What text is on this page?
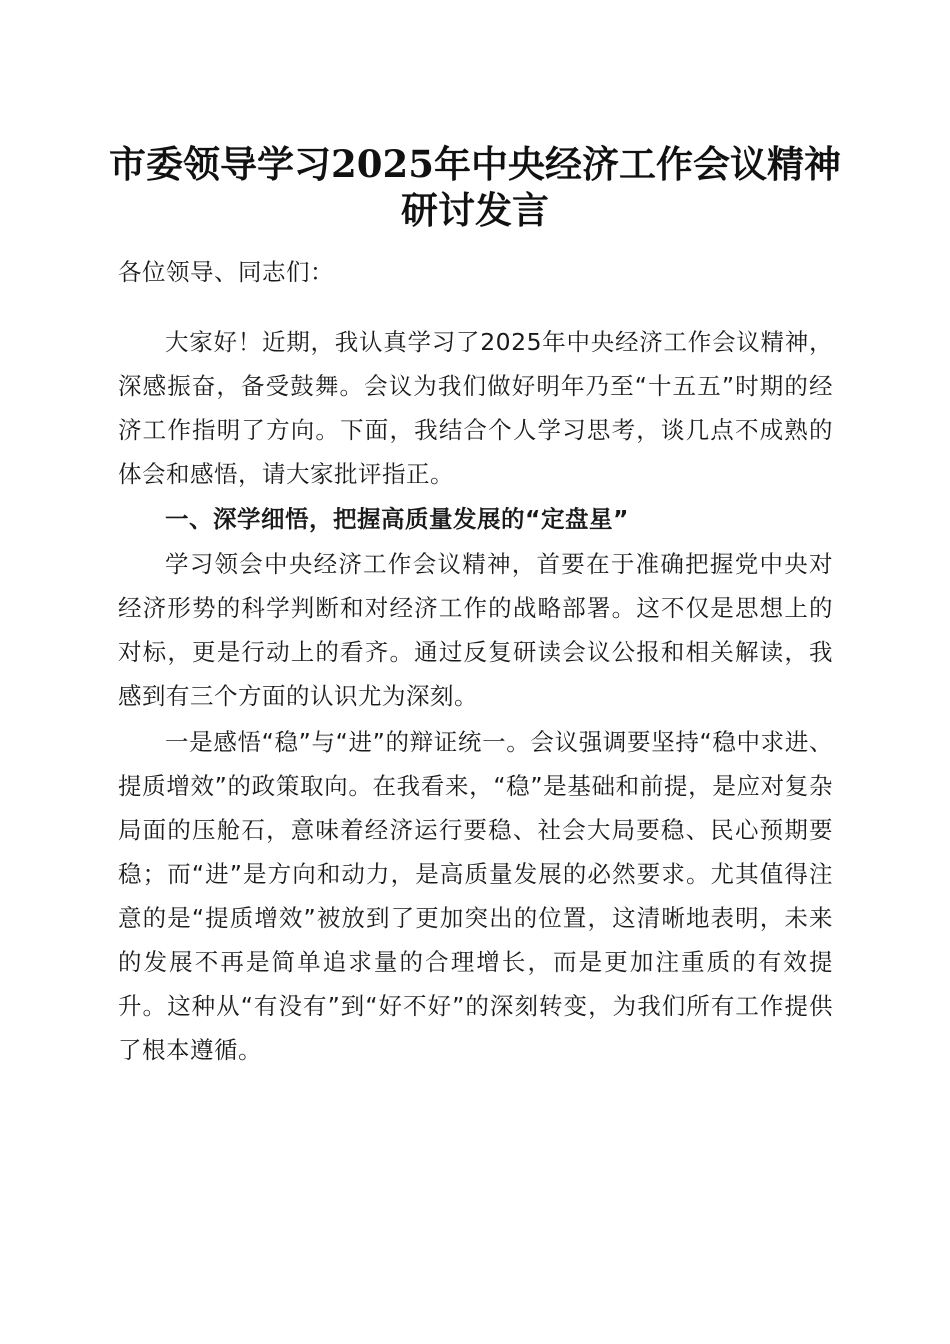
市委领导学习2025年中央经济工作会议精神
研讨发言

各位领导、同志们：

大家好！近期，我认真学习了2025年中央经济工作会议精神，深感振奋，备受鼓舞。会议为我们做好明年乃至“十五五”时期的经济工作指明了方向。下面，我结合个人学习思考，谈几点不成熟的体会和感悟，请大家批评指正。

一、深学细悟，把握高质量发展的“定盘星”

学习领会中央经济工作会议精神，首要在于准确把握党中央对经济形势的科学判断和对经济工作的战略部署。这不仅是思想上的对标，更是行动上的看齐。通过反复研读会议公报和相关解读，我感到有三个方面的认识尤为深刻。

一是感悟“稳”与“进”的辩证统一。会议强调要坚持“稳中求进、提质增效”的政策取向。在我看来，“稳”是基础和前提，是应对复杂局面的压舱石，意味着经济运行要稳、社会大局要稳、民心预期要稳；而“进”是方向和动力，是高质量发展的必然要求。尤其值得注意的是“提质增效”被放到了更加突出的位置，这清晰地表明，未来的发展不再是简单追求量的合理增长，而是更加注重质的有效提升。这种从“有没有”到“好不好”的深刻转变，为我们所有工作提供了根本遵循。
